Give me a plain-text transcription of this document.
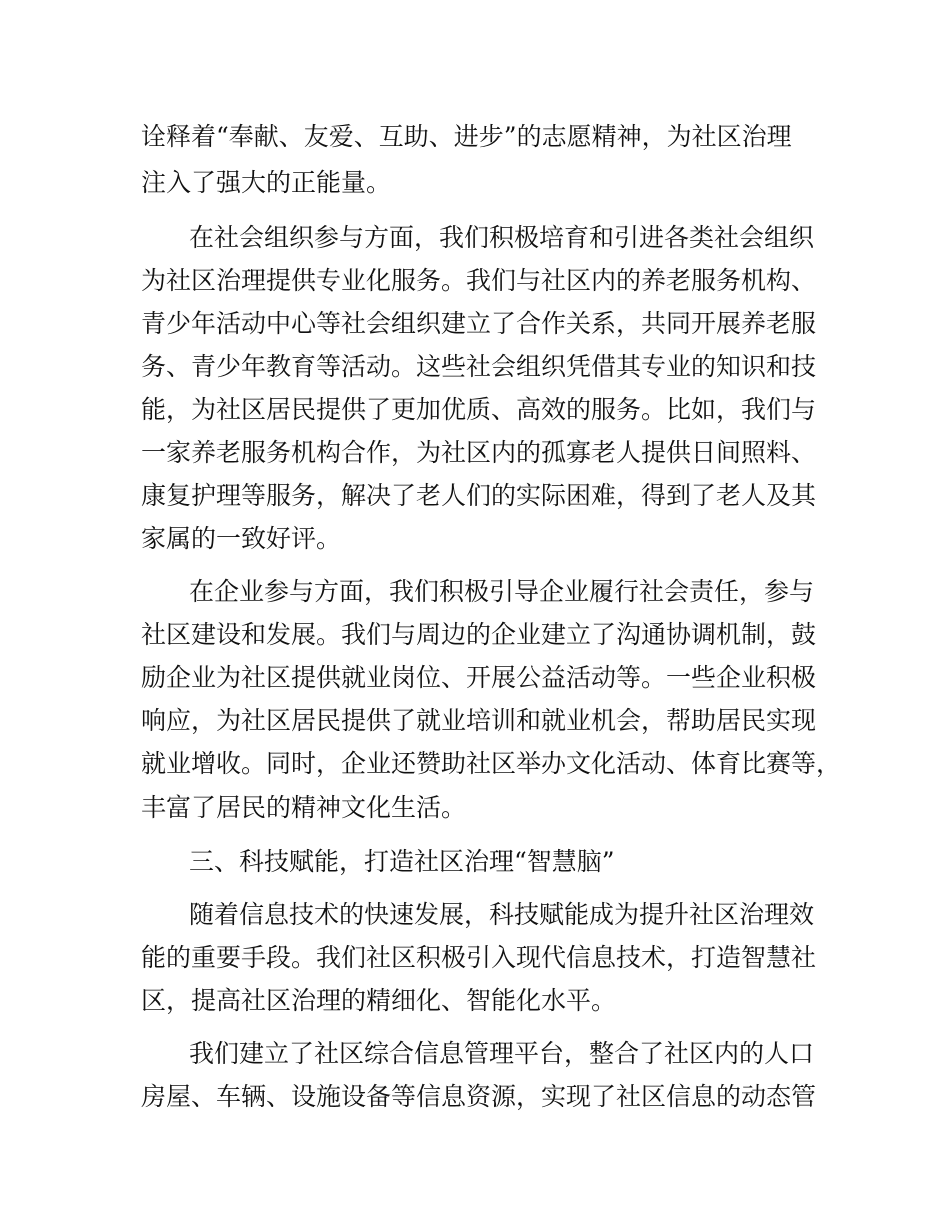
诠释着“奉献、友爱、互助、进步”的志愿精神，为社区治理
注入了强大的正能量。
在社会组织参与方面，我们积极培育和引进各类社会组织
为社区治理提供专业化服务。我们与社区内的养老服务机构、
青少年活动中心等社会组织建立了合作关系，共同开展养老服
务、青少年教育等活动。这些社会组织凭借其专业的知识和技
能，为社区居民提供了更加优质、高效的服务。比如，我们与
一家养老服务机构合作，为社区内的孤寡老人提供日间照料、
康复护理等服务，解决了老人们的实际困难，得到了老人及其
家属的一致好评。
在企业参与方面，我们积极引导企业履行社会责任，参与
社区建设和发展。我们与周边的企业建立了沟通协调机制，鼓
励企业为社区提供就业岗位、开展公益活动等。一些企业积极
响应，为社区居民提供了就业培训和就业机会，帮助居民实现
就业增收。同时，企业还赞助社区举办文化活动、体育比赛等，
丰富了居民的精神文化生活。
三、科技赋能，打造社区治理“智慧脑”
随着信息技术的快速发展，科技赋能成为提升社区治理效
能的重要手段。我们社区积极引入现代信息技术，打造智慧社
区，提高社区治理的精细化、智能化水平。
我们建立了社区综合信息管理平台，整合了社区内的人口
房屋、车辆、设施设备等信息资源，实现了社区信息的动态管
